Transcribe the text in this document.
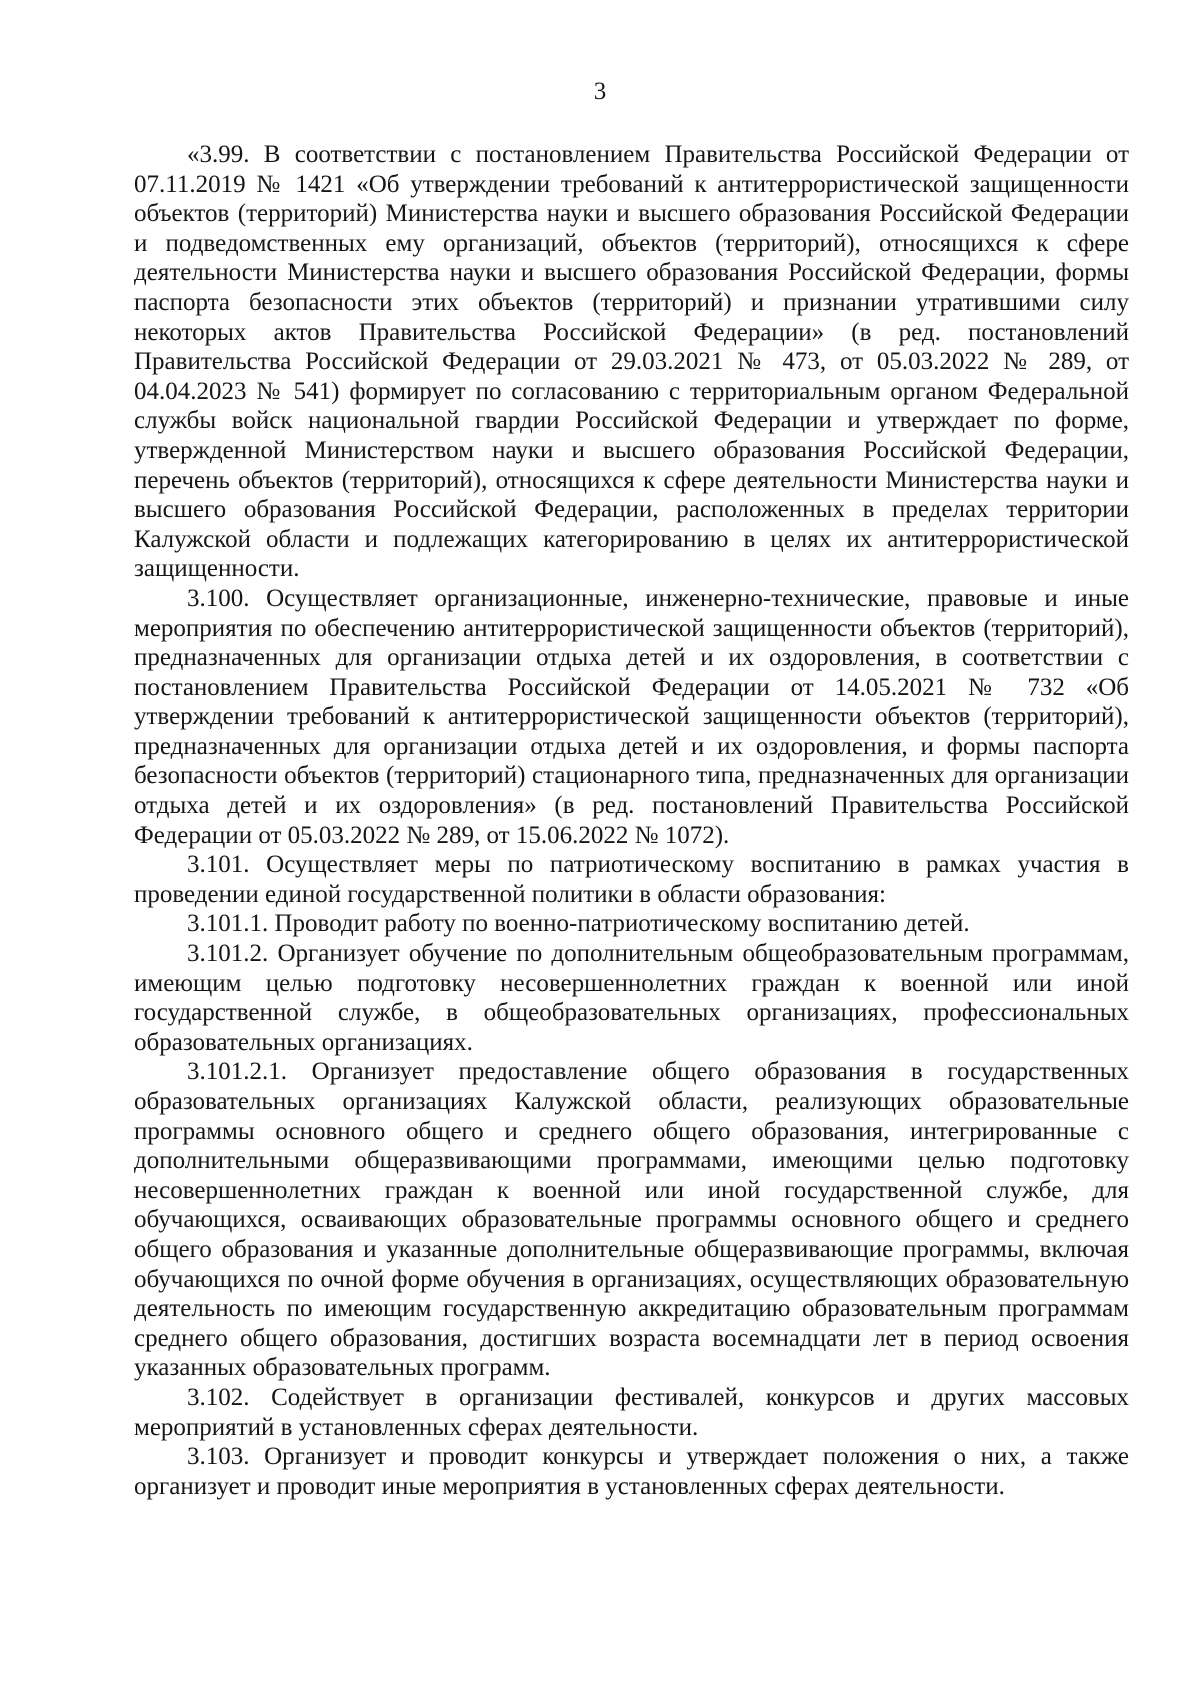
3

«3.99. В соответствии с постановлением Правительства Российской Федерации от 07.11.2019 № 1421 «Об утверждении требований к антитеррористической защищенности объектов (территорий) Министерства науки и высшего образования Российской Федерации и подведомственных ему организаций, объектов (территорий), относящихся к сфере деятельности Министерства науки и высшего образования Российской Федерации, формы паспорта безопасности этих объектов (территорий) и признании утратившими силу некоторых актов Правительства Российской Федерации» (в ред. постановлений Правительства Российской Федерации от 29.03.2021 № 473, от 05.03.2022 № 289, от 04.04.2023 № 541) формирует по согласованию с территориальным органом Федеральной службы войск национальной гвардии Российской Федерации и утверждает по форме, утвержденной Министерством науки и высшего образования Российской Федерации, перечень объектов (территорий), относящихся к сфере деятельности Министерства науки и высшего образования Российской Федерации, расположенных в пределах территории Калужской области и подлежащих категорированию в целях их антитеррористической защищенности.

3.100. Осуществляет организационные, инженерно-технические, правовые и иные мероприятия по обеспечению антитеррористической защищенности объектов (территорий), предназначенных для организации отдыха детей и их оздоровления, в соответствии с постановлением Правительства Российской Федерации от 14.05.2021 № 732 «Об утверждении требований к антитеррористической защищенности объектов (территорий), предназначенных для организации отдыха детей и их оздоровления, и формы паспорта безопасности объектов (территорий) стационарного типа, предназначенных для организации отдыха детей и их оздоровления» (в ред. постановлений Правительства Российской Федерации от 05.03.2022 № 289, от 15.06.2022 № 1072).

3.101. Осуществляет меры по патриотическому воспитанию в рамках участия в проведении единой государственной политики в области образования:

3.101.1. Проводит работу по военно-патриотическому воспитанию детей.

3.101.2. Организует обучение по дополнительным общеобразовательным программам, имеющим целью подготовку несовершеннолетних граждан к военной или иной государственной службе, в общеобразовательных организациях, профессиональных образовательных организациях.

3.101.2.1. Организует предоставление общего образования в государственных образовательных организациях Калужской области, реализующих образовательные программы основного общего и среднего общего образования, интегрированные с дополнительными общеразвивающими программами, имеющими целью подготовку несовершеннолетних граждан к военной или иной государственной службе, для обучающихся, осваивающих образовательные программы основного общего и среднего общего образования и указанные дополнительные общеразвивающие программы, включая обучающихся по очной форме обучения в организациях, осуществляющих образовательную деятельность по имеющим государственную аккредитацию образовательным программам среднего общего образования, достигших возраста восемнадцати лет в период освоения указанных образовательных программ.

3.102. Содействует в организации фестивалей, конкурсов и других массовых мероприятий в установленных сферах деятельности.

3.103. Организует и проводит конкурсы и утверждает положения о них, а также организует и проводит иные мероприятия в установленных сферах деятельности.
